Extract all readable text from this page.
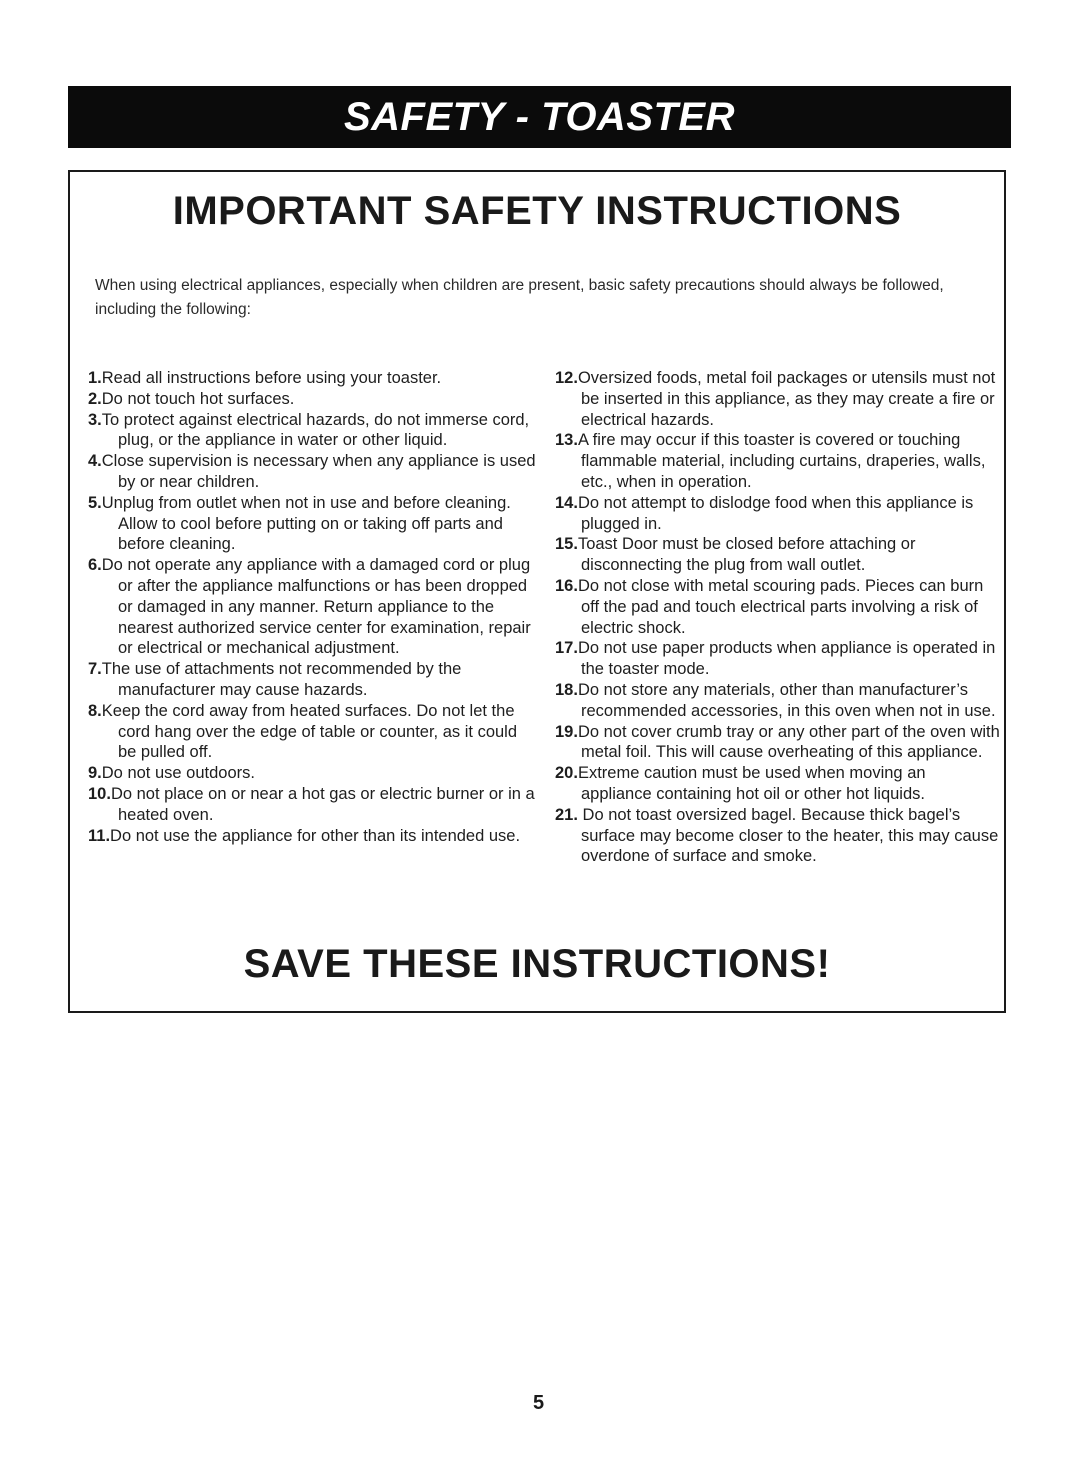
SAFETY - TOASTER
IMPORTANT SAFETY INSTRUCTIONS

When using electrical appliances, especially when children are present, basic safety precautions should always be followed, including the following:

1.Read all instructions before using your toaster.
2.Do not touch hot surfaces.
3.To protect against electrical hazards, do not immerse cord, plug, or the appliance in water or other liquid.
4.Close supervision is necessary when any appliance is used by or near children.
5.Unplug from outlet when not in use and before cleaning. Allow to cool before putting on or taking off parts and before cleaning.
6.Do not operate any appliance with a damaged cord or plug or after the appliance malfunctions or has been dropped or damaged in any manner. Return appliance to the nearest authorized service center for examination, repair or electrical or mechanical adjustment.
7.The use of attachments not recommended by the manufacturer may cause hazards.
8.Keep the cord away from heated surfaces. Do not let the cord hang over the edge of table or counter, as it could be pulled off.
9.Do not use outdoors.
10.Do not place on or near a hot gas or electric burner or in a heated oven.
11.Do not use the appliance for other than its intended use.
12.Oversized foods, metal foil packages or utensils must not be inserted in this appliance, as they may create a fire or electrical hazards.
13.A fire may occur if this toaster is covered or touching flammable material, including curtains, draperies, walls, etc., when in operation.
14.Do not attempt to dislodge food when this appliance is plugged in.
15.Toast Door must be closed before attaching or disconnecting the plug from wall outlet.
16.Do not close with metal scouring pads. Pieces can burn off the pad and touch electrical parts involving a risk of electric shock.
17.Do not use paper products when appliance is operated in the toaster mode.
18.Do not store any materials, other than manufacturer’s recommended accessories, in this oven when not in use.
19.Do not cover crumb tray or any other part of the oven with metal foil. This will cause overheating of this appliance.
20.Extreme caution must be used when moving an appliance containing hot oil or other hot liquids.
21. Do not toast oversized bagel. Because thick bagel’s surface may become closer to the heater, this may cause overdone of surface and smoke.
SAVE THESE INSTRUCTIONS!
5
